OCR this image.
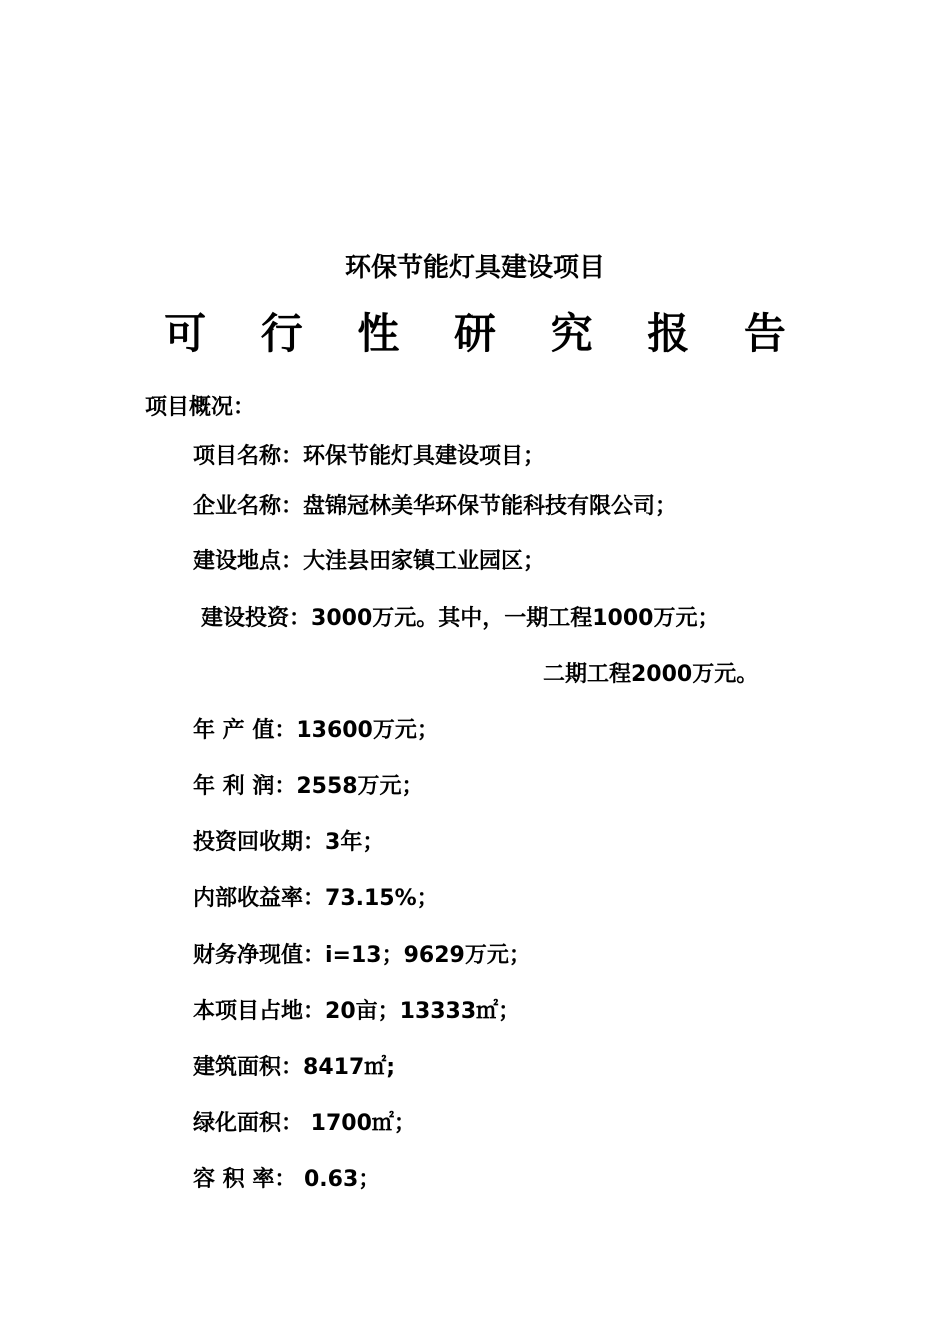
环保节能灯具建设项目
可 行 性 研 究 报 告
项目概况：
项目名称：环保节能灯具建设项目；
企业名称：盘锦冠林美华环保节能科技有限公司；
建设地点：大洼县田家镇工业园区；
建设投资：3000万元。其中，一期工程1000万元；
二期工程2000万元。
年 产 值：13600万元；
年 利 润：2558万元；
投资回收期：3年；
内部收益率：73.15%；
财务净现值：i=13；9629万元；
本项目占地：20亩；13333㎡；
建筑面积：8417㎡;
绿化面积： 1700㎡；
容 积 率： 0.63；
